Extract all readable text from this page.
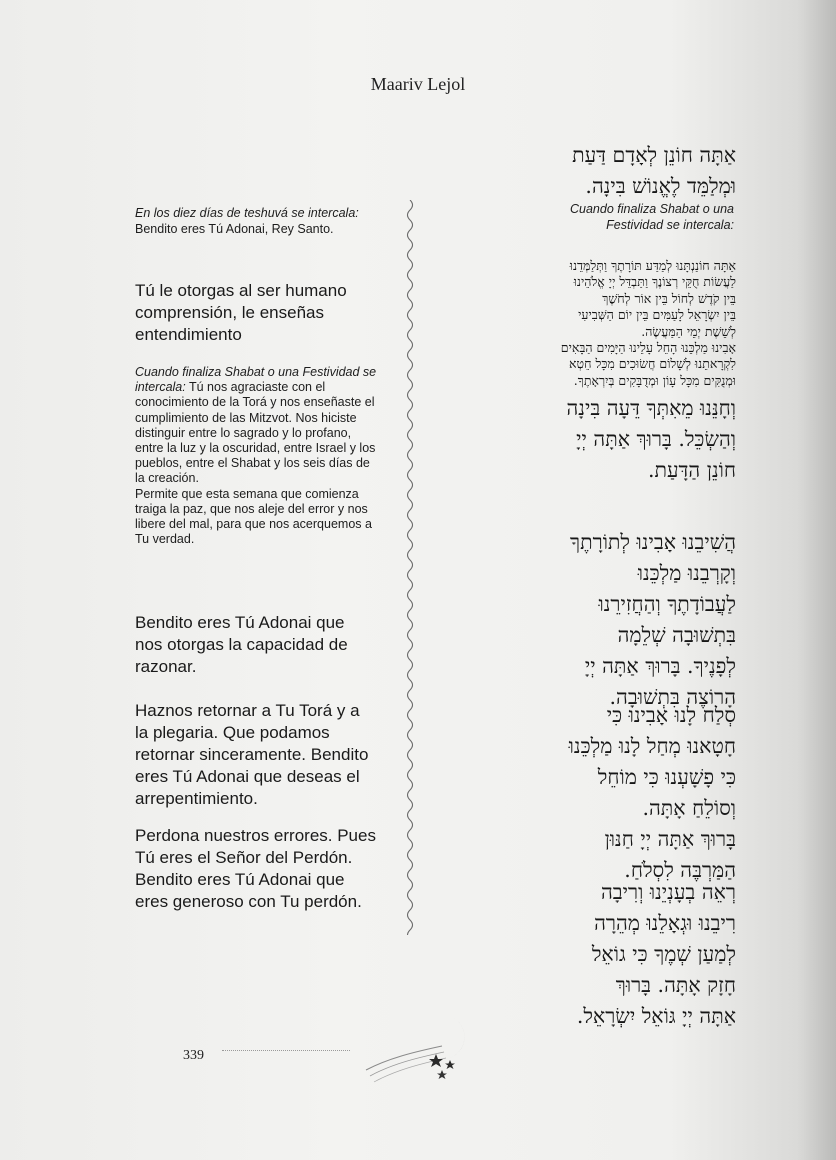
Maariv Lejol
En los diez días de teshuvá se intercala: Bendito eres Tú Adonai, Rey Santo.
Tú le otorgas al ser humano comprensión, le enseñas entendimiento
Cuando finaliza Shabat o una Festividad se intercala: Tú nos agraciaste con el conocimiento de la Torá y nos enseñaste el cumplimiento de las Mitzvot. Nos hiciste distinguir entre lo sagrado y lo profano, entre la luz y la oscuridad, entre Israel y los pueblos, entre el Shabat y los seis días de la creación.
Permite que esta semana que comienza traiga la paz, que nos aleje del error y nos libere del mal, para que nos acerquemos a Tu verdad.
Bendito eres Tú Adonai que nos otorgas la capacidad de razonar.
Haznos retornar a Tu Torá y a la plegaria. Que podamos retornar sinceramente. Bendito eres Tú Adonai que deseas el arrepentimiento.
Perdona nuestros errores. Pues Tú eres el Señor del Perdón. Bendito eres Tú Adonai que eres generoso con Tu perdón.
אַתָּה חוֹנֵן לְאָדָם דַּעַת
וּמְלַמֵּד לֶאֱנוֹשׁ בִּינָה.
Cuando finaliza Shabat o una Festividad se intercala:
אַתָּה חוֹנַנְתָּנוּ לְמַדַּע תּוֹרָתֶךָ וַתְּלַמְּדֵנוּ
לַעֲשׂוֹת חֻקֵּי רְצוֹנֶךָ וַתַּבְדֵּל יְיָ אֱלֹהֵינוּ
בֵּין קֹדֶשׁ לְחוֹל בֵּין אוֹר לְחֹשֶׁךְ
בֵּין יִשְׂרָאֵל לָעַמִּים בֵּין יוֹם הַשְּׁבִיעִי
לְשֵׁשֶׁת יְמֵי הַמַּעֲשֶׂה.
אָבִינוּ מַלְכֵּנוּ הָחֵל עָלֵינוּ הַיָּמִים הַבָּאִים
לִקְרָאתֵנוּ לְשָׁלוֹם חֲשׂוּכִים מִכָּל חֵטְא
וּמְנֻקִּים מִכָּל עָוֹן וּמְדֻבָּקִים בְּיִרְאָתֶךָ.
וְחָנֵּנוּ מֵאִתְּךָ דֵּעָה בִּינָה
וְהַשְׂכֵּל. בָּרוּךְ אַתָּה יְיָ
חוֹנֵן הַדָּעַת.
הֲשִׁיבֵנוּ אָבִינוּ לְתוֹרָתֶךָ
וְקָרְבֵנוּ מַלְכֵּנוּ
לַעֲבוֹדָתֶךָ וְהַחֲזִירֵנוּ
בִּתְשׁוּבָה שְׁלֵמָה
לְפָנֶיךָ. בָּרוּךְ אַתָּה יְיָ
הָרוֹצֶה בִּתְשׁוּבָה.
סְלַח לָנוּ אָבִינוּ כִּי
חָטָאנוּ מְחַל לָנוּ מַלְכֵּנוּ
כִּי פָשָׁעְנוּ כִּי מוֹחֵל
וְסוֹלֵחַ אָתָּה.
בָּרוּךְ אַתָּה יְיָ חַנּוּן
הַמַּרְבֶּה לִסְלֹחַ.
רְאֵה בְעָנְיֵנוּ וְרִיבָה
רִיבֵנוּ וּגְאָלֵנוּ מְהֵרָה
לְמַעַן שְׁמֶךָ כִּי גוֹאֵל
חָזָק אָתָּה. בָּרוּךְ
אַתָּה יְיָ גּוֹאֵל יִשְׂרָאֵל.
339
